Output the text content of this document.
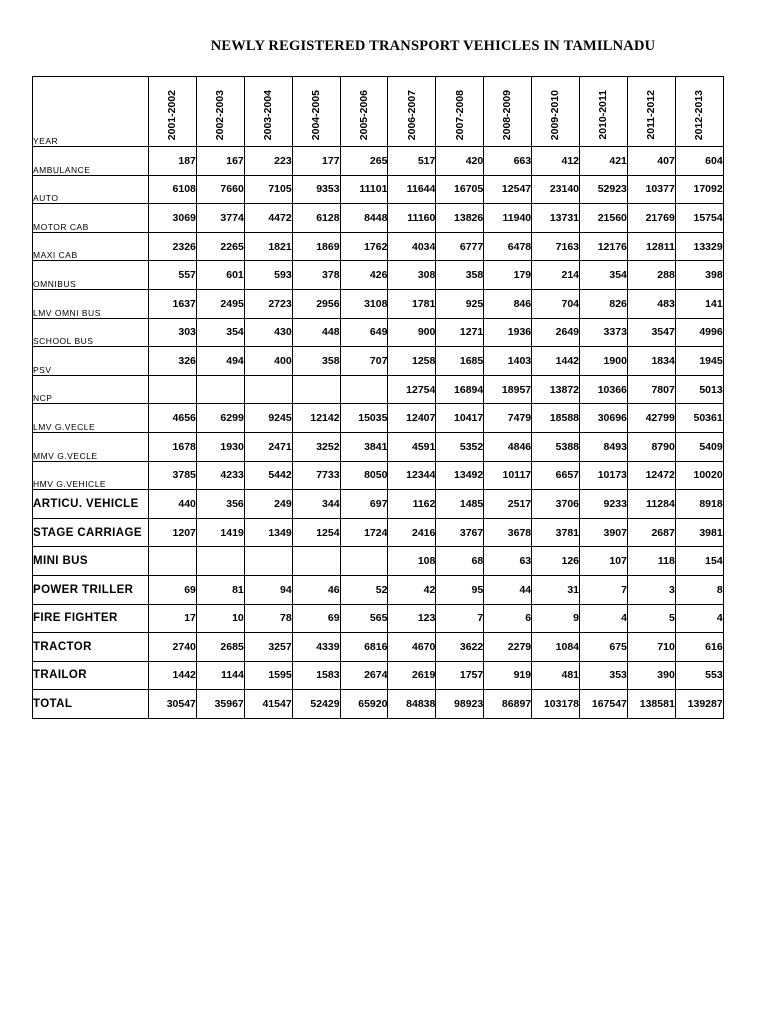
NEWLY REGISTERED TRANSPORT VEHICLES IN TAMILNADU
YEAR	2001-2002	2002-2003	2003-2004	2004-2005	2005-2006	2006-2007	2007-2008	2008-2009	2009-2010	2010-2011	2011-2012	2012-2013

AMBULANCE	187	167	223	177	265	517	420	663	412	421	407	604
AUTO	6108	7660	7105	9353	11101	11644	16705	12547	23140	52923	10377	17092
MOTOR CAB	3069	3774	4472	6128	8448	11160	13826	11940	13731	21560	21769	15754
MAXI CAB	2326	2265	1821	1869	1762	4034	6777	6478	7163	12176	12811	13329
OMNIBUS	557	601	593	378	426	308	358	179	214	354	288	398
LMV OMNI BUS	1637	2495	2723	2956	3108	1781	925	846	704	826	483	141
SCHOOL BUS	303	354	430	448	649	900	1271	1936	2649	3373	3547	4996
PSV	326	494	400	358	707	1258	1685	1403	1442	1900	1834	1945
NCP						12754	16894	18957	13872	10366	7807	5013
LMV G.VECLE	4656	6299	9245	12142	15035	12407	10417	7479	18588	30696	42799	50361
MMV G.VECLE	1678	1930	2471	3252	3841	4591	5352	4846	5388	8493	8790	5409
HMV G.VEHICLE	3785	4233	5442	7733	8050	12344	13492	10117	6657	10173	12472	10020
ARTICU. VEHICLE	440	356	249	344	697	1162	1485	2517	3706	9233	11284	8918
STAGE CARRIAGE	1207	1419	1349	1254	1724	2416	3767	3678	3781	3907	2687	3981
MINI BUS						108	68	63	126	107	118	154
POWER TRILLER	69	81	94	46	52	42	95	44	31	7	3	8
FIRE FIGHTER	17	10	78	69	565	123	7	6	9	4	5	4
TRACTOR	2740	2685	3257	4339	6816	4670	3622	2279	1084	675	710	616
TRAILOR	1442	1144	1595	1583	2674	2619	1757	919	481	353	390	553
TOTAL	30547	35967	41547	52429	65920	84838	98923	86897	103178	167547	138581	139287
